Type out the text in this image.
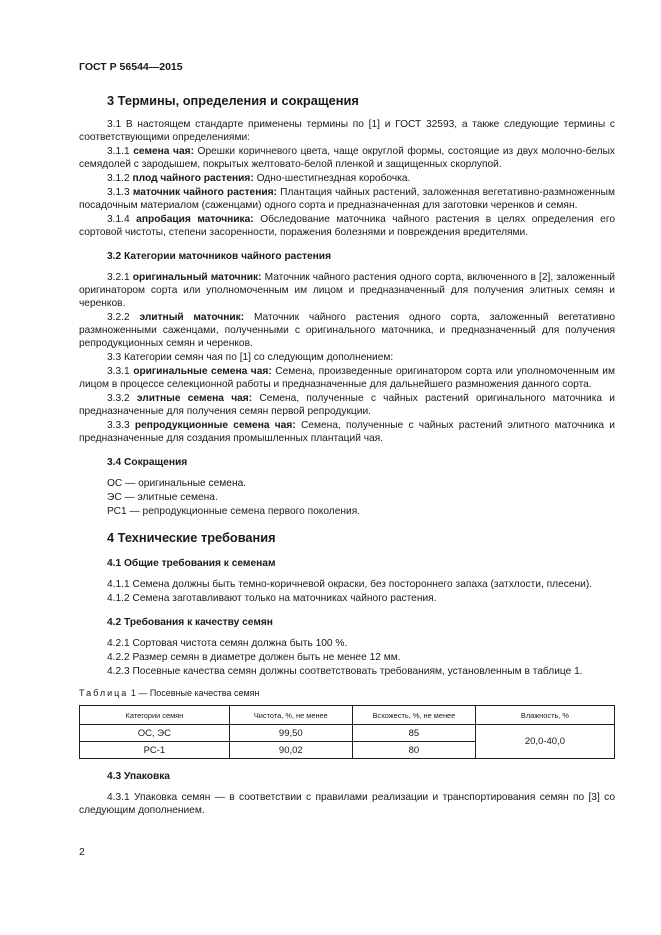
ГОСТ Р 56544—2015
3 Термины, определения и сокращения

3.1 В настоящем стандарте применены термины по [1] и ГОСТ 32593, а также следующие термины с соответствующими определениями:

3.1.1 семена чая: Орешки коричневого цвета, чаще округлой формы, состоящие из двух молочно-белых семядолей с зародышем, покрытых желтовато-белой пленкой и защищенных скорлупой.

3.1.2 плод чайного растения: Одно-шестигнездная коробочка.

3.1.3 маточник чайного растения: Плантация чайных растений, заложенная вегетативно-размноженным посадочным материалом (саженцами) одного сорта и предназначенная для заготовки черенков и семян.

3.1.4 апробация маточника: Обследование маточника чайного растения в целях определения его сортовой чистоты, степени засоренности, поражения болезнями и повреждения вредителями.

3.2 Категории маточников чайного растения

3.2.1 оригинальный маточник: Маточник чайного растения одного сорта, включенного в [2], заложенный оригинатором сорта или уполномоченным им лицом и предназначенный для получения элитных семян и черенков.

3.2.2 элитный маточник: Маточник чайного растения одного сорта, заложенный вегетативно размноженными саженцами, полученными с оригинального маточника, и предназначенный для получения репродукционных семян и черенков.

3.3 Категории семян чая по [1] со следующим дополнением:

3.3.1 оригинальные семена чая: Семена, произведенные оригинатором сорта или уполномоченным им лицом в процессе селекционной работы и предназначенные для дальнейшего размножения данного сорта.

3.3.2 элитные семена чая: Семена, полученные с чайных растений оригинального маточника и предназначенные для получения семян первой репродукции.

3.3.3 репродукционные семена чая: Семена, полученные с чайных растений элитного маточника и предназначенные для создания промышленных плантаций чая.

3.4 Сокращения

ОС — оригинальные семена.

ЭС — элитные семена.

РС1 — репродукционные семена первого поколения.

4 Технические требования
4.1 Общие требования к семенам

4.1.1 Семена должны быть темно-коричневой окраски, без постороннего запаха (затхлости, плесени).

4.1.2 Семена заготавливают только на маточниках чайного растения.

4.2 Требования к качеству семян

4.2.1 Сортовая чистота семян должна быть 100 %.

4.2.2 Размер семян в диаметре должен быть не менее 12 мм.

4.2.3 Посевные качества семян должны соответствовать требованиям, установленным в таблице 1.

Таблица 1 — Посевные качества семян
Категории семян	Чистота, %, не менее	Всхожесть, %, не менее	Влажность, %
ОС, ЭС	99,50	85	20,0-40,0
РС-1	90,02	80	
4.3 Упаковка

4.3.1 Упаковка семян — в соответствии с правилами реализации и транспортирования семян по [3] со следующим дополнением.

2
